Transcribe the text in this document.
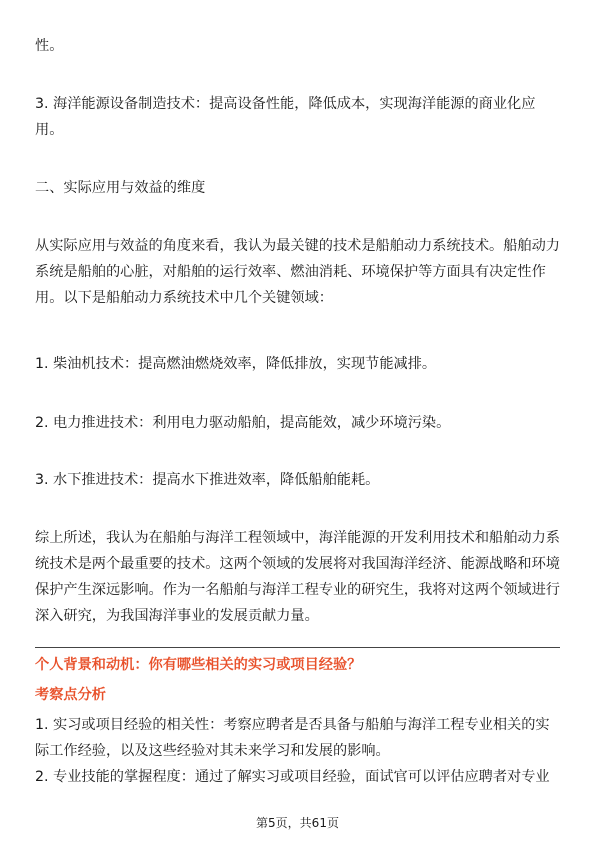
性。

3. 海洋能源设备制造技术：提高设备性能，降低成本，实现海洋能源的商业化应用。

二、实际应用与效益的维度

从实际应用与效益的角度来看，我认为最关键的技术是船舶动力系统技术。船舶动力系统是船舶的心脏，对船舶的运行效率、燃油消耗、环境保护等方面具有决定性作用。以下是船舶动力系统技术中几个关键领域：

1. 柴油机技术：提高燃油燃烧效率，降低排放，实现节能减排。

2. 电力推进技术：利用电力驱动船舶，提高能效，减少环境污染。

3. 水下推进技术：提高水下推进效率，降低船舶能耗。

综上所述，我认为在船舶与海洋工程领域中，海洋能源的开发利用技术和船舶动力系统技术是两个最重要的技术。这两个领域的发展将对我国海洋经济、能源战略和环境保护产生深远影响。作为一名船舶与海洋工程专业的研究生，我将对这两个领域进行深入研究，为我国海洋事业的发展贡献力量。

个人背景和动机：你有哪些相关的实习或项目经验？
考察点分析

1. 实习或项目经验的相关性：考察应聘者是否具备与船舶与海洋工程专业相关的实际工作经验，以及这些经验对其未来学习和发展的影响。

2. 专业技能的掌握程度：通过了解实习或项目经验，面试官可以评估应聘者对专业

第5页，共61页
